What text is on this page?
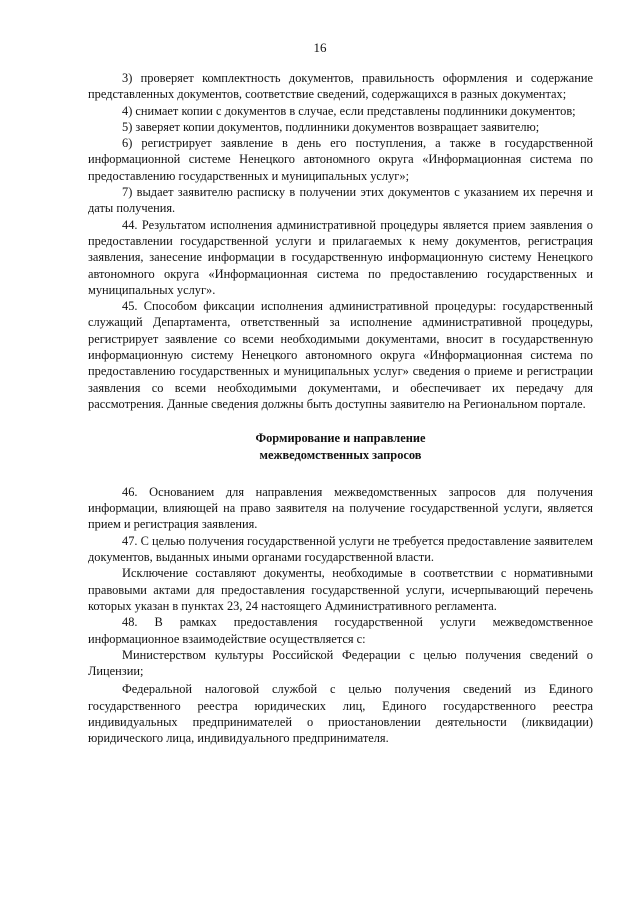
16

3) проверяет комплектность документов, правильность оформления и содержание представленных документов, соответствие сведений, содержащихся в разных документах;

4) снимает копии с документов в случае, если представлены подлинники документов;

5) заверяет копии документов, подлинники документов возвращает заявителю;

6) регистрирует заявление в день его поступления, а также в государственной информационной системе Ненецкого автономного округа «Информационная система по предоставлению государственных и муниципальных услуг»;

7) выдает заявителю расписку в получении этих документов с указанием их перечня и даты получения.

44. Результатом исполнения административной процедуры является прием заявления о предоставлении государственной услуги и прилагаемых к нему документов, регистрация заявления, занесение информации в государственную информационную систему Ненецкого автономного округа «Информационная система по предоставлению государственных и муниципальных услуг».

45. Способом фиксации исполнения административной процедуры: государственный служащий Департамента, ответственный за исполнение административной процедуры, регистрирует заявление со всеми необходимыми документами, вносит в государственную информационную систему Ненецкого автономного округа «Информационная система по предоставлению государственных и муниципальных услуг» сведения о приеме и регистрации заявления со всеми необходимыми документами, и обеспечивает их передачу для рассмотрения. Данные сведения должны быть доступны заявителю на Региональном портале.

Формирование и направление
межведомственных запросов

46. Основанием для направления межведомственных запросов для получения информации, влияющей на право заявителя на получение государственной услуги, является прием и регистрация заявления.

47. С целью получения государственной услуги не требуется предоставление заявителем документов, выданных иными органами государственной власти.

Исключение составляют документы, необходимые в соответствии с нормативными правовыми актами для предоставления государственной услуги, исчерпывающий перечень которых указан в пунктах 23, 24 настоящего Административного регламента.

48. В рамках предоставления государственной услуги межведомственное информационное взаимодействие осуществляется с:

Министерством культуры Российской Федерации с целью получения сведений о Лицензии;

Федеральной налоговой службой с целью получения сведений из Единого государственного реестра юридических лиц, Единого государственного реестра индивидуальных предпринимателей о приостановлении деятельности (ликвидации) юридического лица, индивидуального предпринимателя.
